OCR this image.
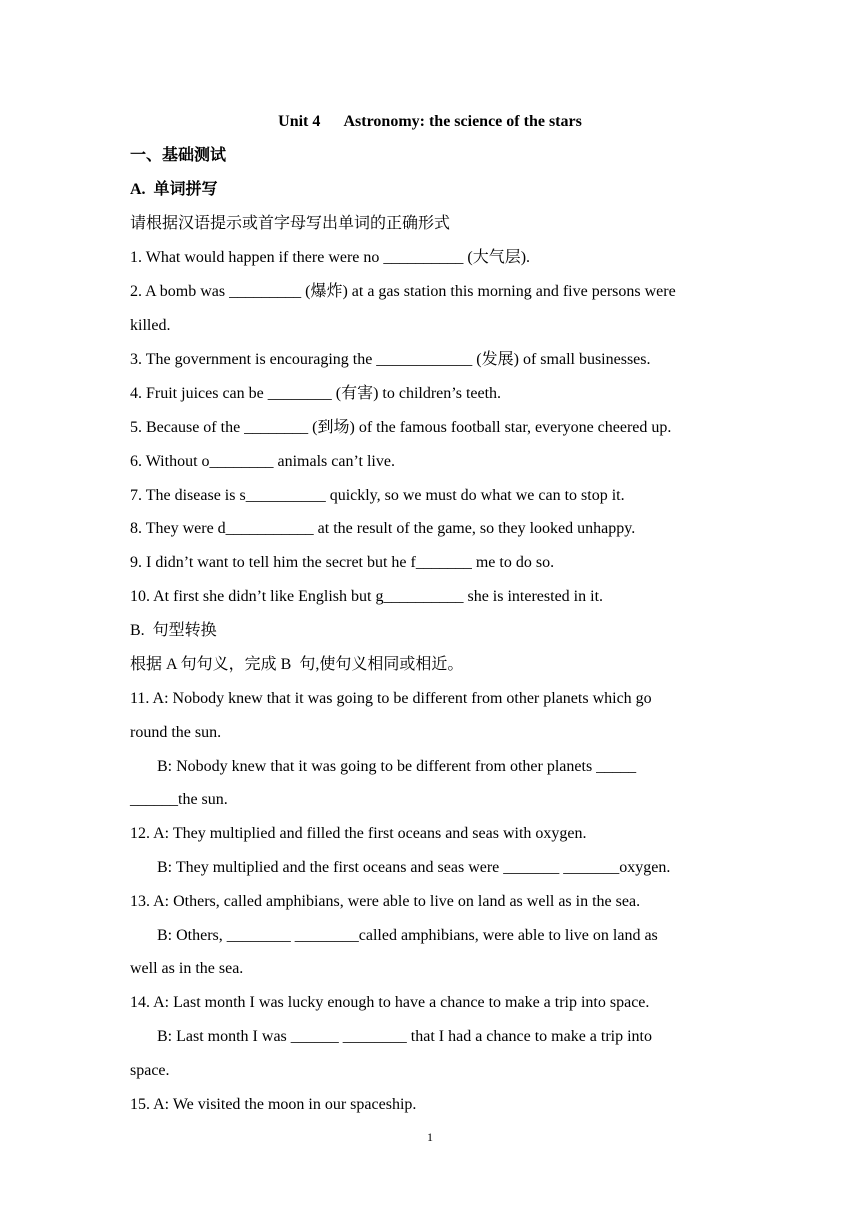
Unit 4      Astronomy: the science of the stars
一、基础测试
A.  单词拼写
请根据汉语提示或首字母写出单词的正确形式
1. What would happen if there were no __________ (大气层).
2. A bomb was _________ (爆炸) at a gas station this morning and five persons were
killed.
3. The government is encouraging the ____________ (发展) of small businesses.
4. Fruit juices can be ________ (有害) to children’s teeth.
5. Because of the ________ (到场) of the famous football star, everyone cheered up.
6. Without o________ animals can’t live.
7. The disease is s__________ quickly, so we must do what we can to stop it.
8. They were d___________ at the result of the game, so they looked unhappy.
9. I didn’t want to tell him the secret but he f_______ me to do so.
10. At first she didn’t like English but g__________ she is interested in it.
B.  句型转换
根据 A 句句义，完成 B  句,使句义相同或相近。
11. A: Nobody knew that it was going to be different from other planets which go
round the sun.
B: Nobody knew that it was going to be different from other planets _____
______the sun.
12. A: They multiplied and filled the first oceans and seas with oxygen.
B: They multiplied and the first oceans and seas were _______ _______oxygen.
13. A: Others, called amphibians, were able to live on land as well as in the sea.
B: Others, ________ ________called amphibians, were able to live on land as
well as in the sea.
14. A: Last month I was lucky enough to have a chance to make a trip into space.
B: Last month I was ______ ________ that I had a chance to make a trip into
space.
15. A: We visited the moon in our spaceship.
1
